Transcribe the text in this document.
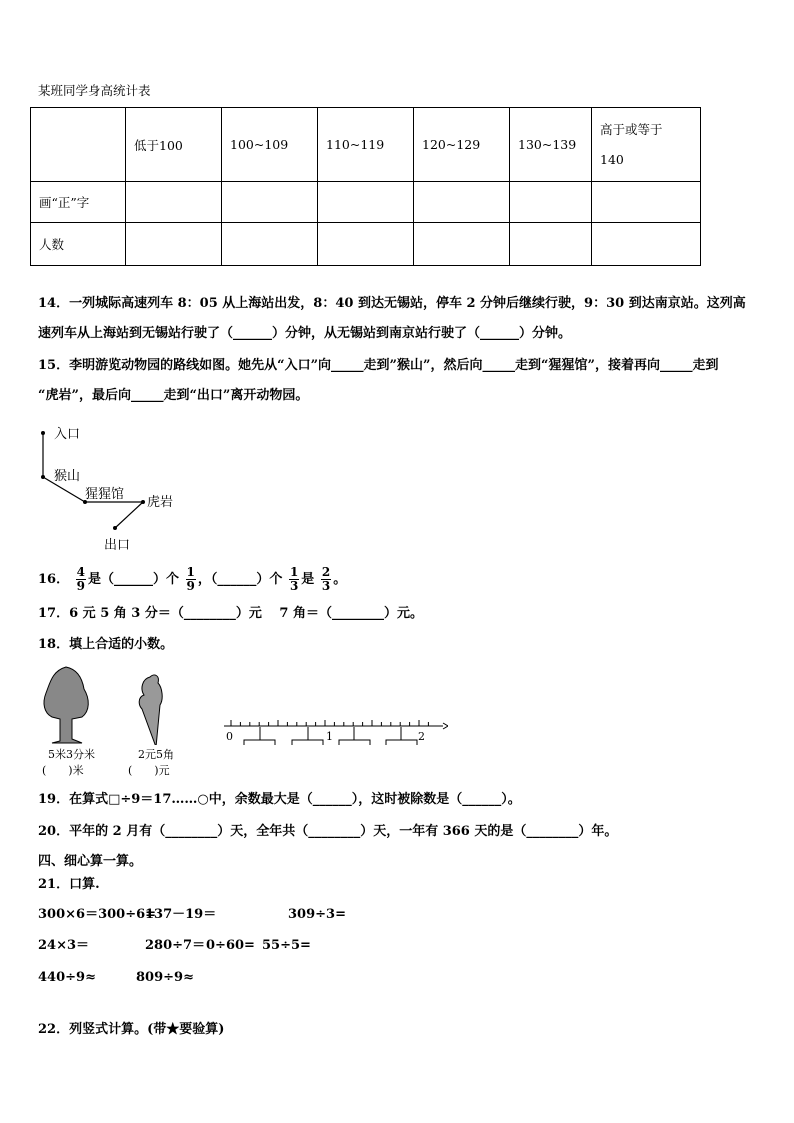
某班同学身高统计表
	低于100	100~109	110~119	120~129	130~139	高于或等于140

画“正”字						
人数						
14．一列城际高速列车 8：05 从上海站出发，8：40 到达无锡站，停车 2 分钟后继续行驶，9：30 到达南京站。这列高
速列车从上海站到无锡站行驶了（______）分钟，从无锡站到南京站行驶了（______）分钟。
15．李明游览动物园的路线如图。她先从“入口”向_____走到”猴山”，然后向_____走到“猩猩馆”，接着再向_____走到
“虎岩”，最后向_____走到“出口”离开动物园。
入口
猴山
猩猩馆
虎岩
出口
16． $\frac{4}{9}$ 是（______）个 $\frac{1}{9}$ ，（______）个 $\frac{1}{3}$ 是 $\frac{2}{3}$ 。
17．6 元 5 角 3 分＝（________）元　 7 角＝（________）元。
18．填上合适的小数。
0	1	2
5米3分米
(　　)米
2元5角
(　　)元
19．在算式□÷9＝17……○中，余数最大是（______），这时被除数是（______）。
20．平年的 2 月有（________）天，全年共（________）天，一年有 366 天的是（________）年。
四、细心算一算。
21．口算.
300×6＝300÷6=
137－19＝	309÷3=
24×3＝	280÷7＝ 0÷60= 55÷5=
440÷9≈	809÷9≈
22．列竖式计算。(带★要验算)
